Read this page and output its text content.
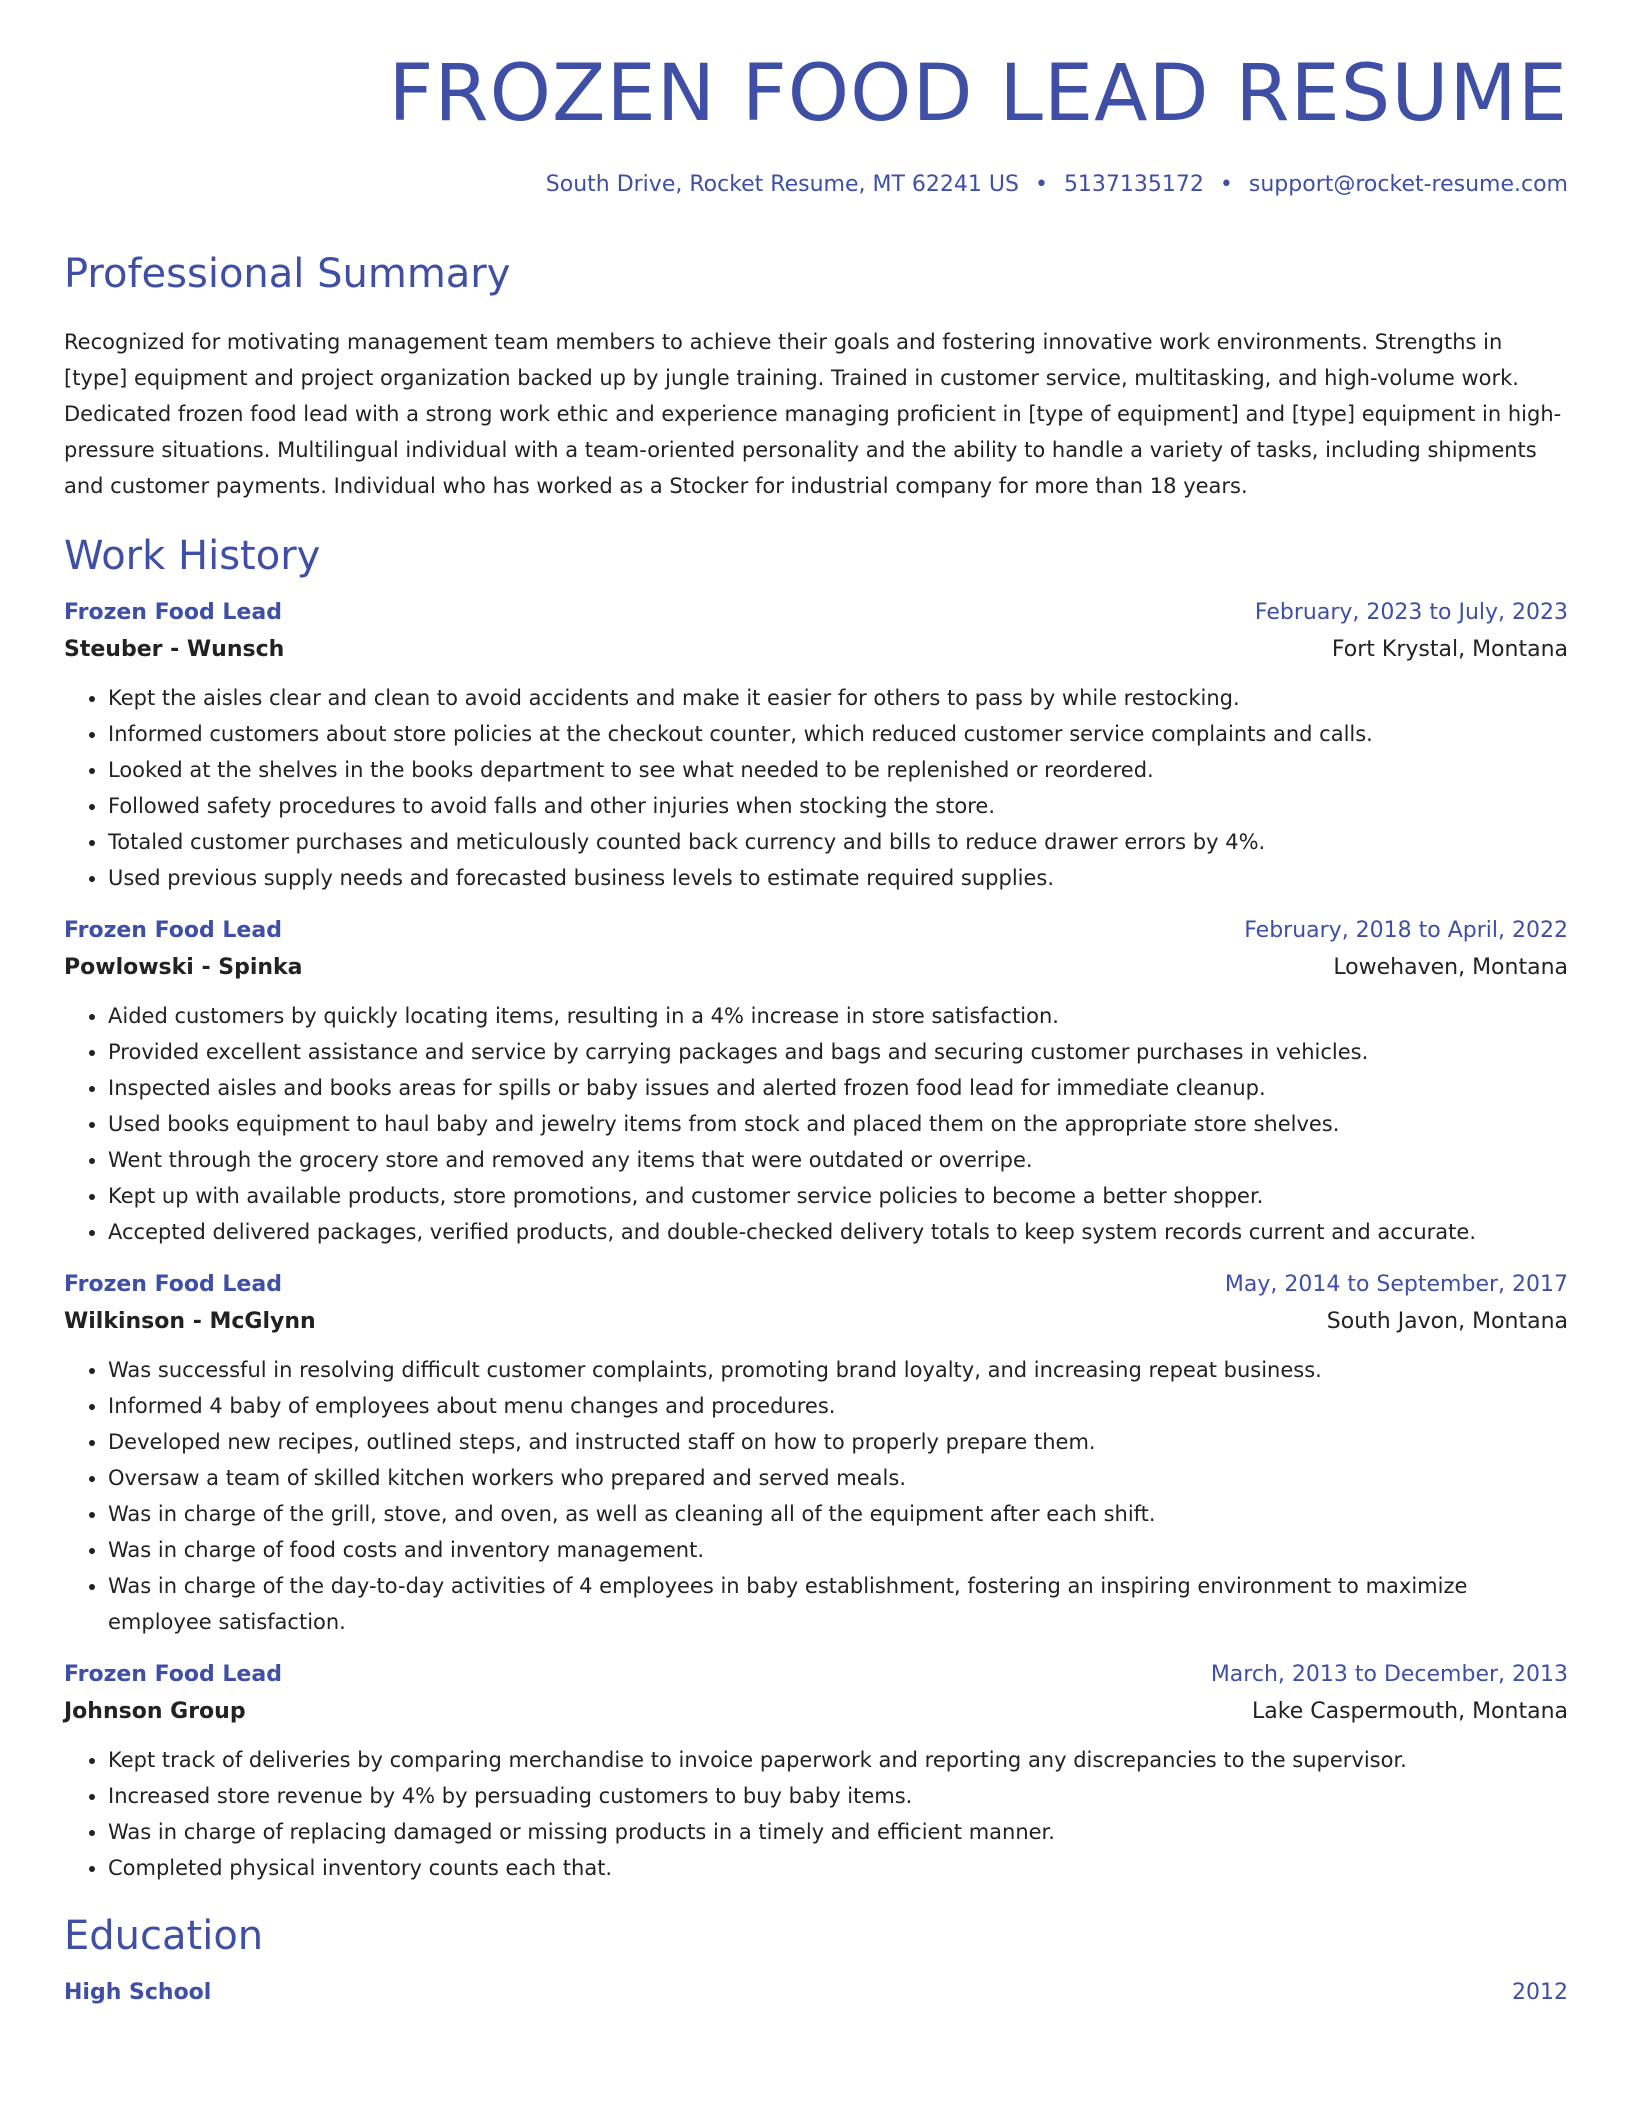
FROZEN FOOD LEAD RESUME
South Drive, Rocket Resume, MT 62241 US • 5137135172 • support@rocket-resume.com
Professional Summary

Recognized for motivating management team members to achieve their goals and fostering innovative work environments. Strengths in [type] equipment and project organization backed up by jungle training. Trained in customer service, multitasking, and high-volume work. Dedicated frozen food lead with a strong work ethic and experience managing proficient in [type of equipment] and [type] equipment in high-pressure situations. Multilingual individual with a team-oriented personality and the ability to handle a variety of tasks, including shipments and customer payments. Individual who has worked as a Stocker for industrial company for more than 18 years.

Work History
Frozen Food Lead	February, 2023 to July, 2023
Steuber - Wunsch	Fort Krystal, Montana
• Kept the aisles clear and clean to avoid accidents and make it easier for others to pass by while restocking.
• Informed customers about store policies at the checkout counter, which reduced customer service complaints and calls.
• Looked at the shelves in the books department to see what needed to be replenished or reordered.
• Followed safety procedures to avoid falls and other injuries when stocking the store.
• Totaled customer purchases and meticulously counted back currency and bills to reduce drawer errors by 4%.
• Used previous supply needs and forecasted business levels to estimate required supplies.
Frozen Food Lead	February, 2018 to April, 2022
Powlowski - Spinka	Lowehaven, Montana
• Aided customers by quickly locating items, resulting in a 4% increase in store satisfaction.
• Provided excellent assistance and service by carrying packages and bags and securing customer purchases in vehicles.
• Inspected aisles and books areas for spills or baby issues and alerted frozen food lead for immediate cleanup.
• Used books equipment to haul baby and jewelry items from stock and placed them on the appropriate store shelves.
• Went through the grocery store and removed any items that were outdated or overripe.
• Kept up with available products, store promotions, and customer service policies to become a better shopper.
• Accepted delivered packages, verified products, and double-checked delivery totals to keep system records current and accurate.
Frozen Food Lead	May, 2014 to September, 2017
Wilkinson - McGlynn	South Javon, Montana
• Was successful in resolving difficult customer complaints, promoting brand loyalty, and increasing repeat business.
• Informed 4 baby of employees about menu changes and procedures.
• Developed new recipes, outlined steps, and instructed staff on how to properly prepare them.
• Oversaw a team of skilled kitchen workers who prepared and served meals.
• Was in charge of the grill, stove, and oven, as well as cleaning all of the equipment after each shift.
• Was in charge of food costs and inventory management.
• Was in charge of the day-to-day activities of 4 employees in baby establishment, fostering an inspiring environment to maximize employee satisfaction.
Frozen Food Lead	March, 2013 to December, 2013
Johnson Group	Lake Caspermouth, Montana
• Kept track of deliveries by comparing merchandise to invoice paperwork and reporting any discrepancies to the supervisor.
• Increased store revenue by 4% by persuading customers to buy baby items.
• Was in charge of replacing damaged or missing products in a timely and efficient manner.
• Completed physical inventory counts each that.
Education
High School	2012
